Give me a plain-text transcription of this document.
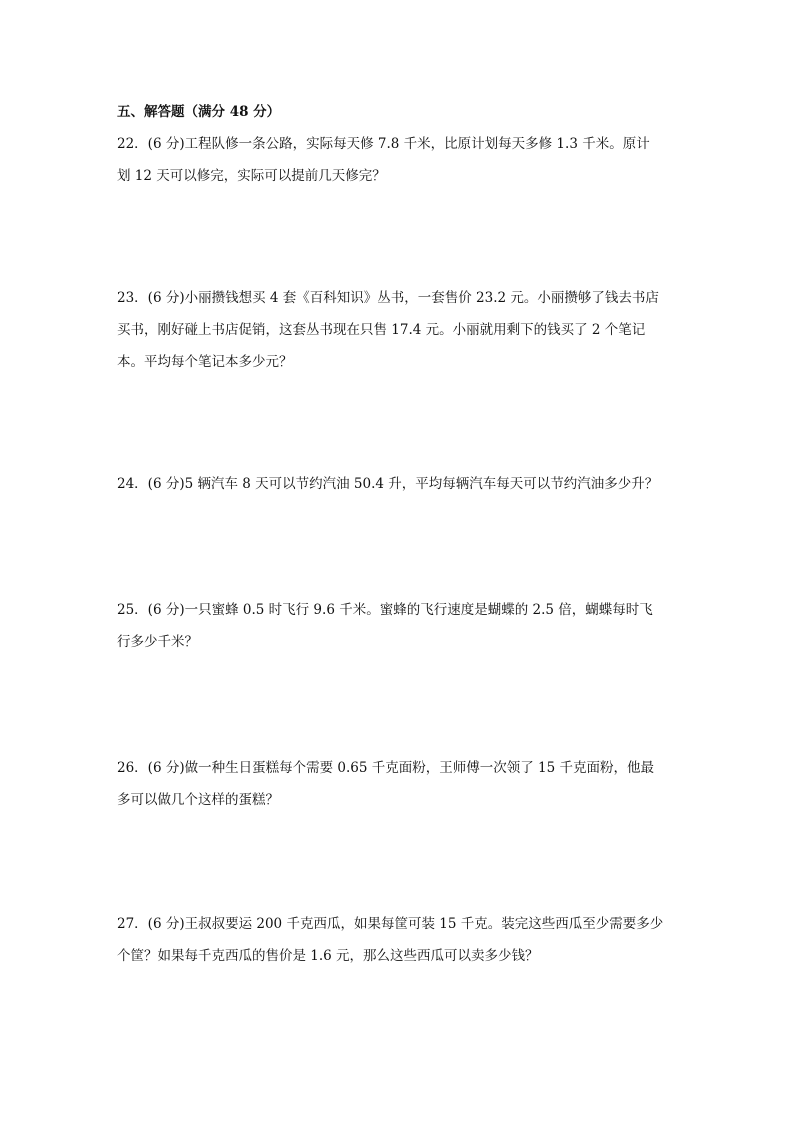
五、解答题（满分 48 分）

22．(6 分)工程队修一条公路，实际每天修 7.8 千米，比原计划每天多修 1.3 千米。原计
划 12 天可以修完，实际可以提前几天修完？

23．(6 分)小丽攒钱想买 4 套《百科知识》丛书，一套售价 23.2 元。小丽攒够了钱去书店
买书，刚好碰上书店促销，这套丛书现在只售 17.4 元。小丽就用剩下的钱买了 2 个笔记
本。平均每个笔记本多少元？

24．(6 分)5 辆汽车 8 天可以节约汽油 50.4 升，平均每辆汽车每天可以节约汽油多少升？

25．(6 分)一只蜜蜂 0.5 时飞行 9.6 千米。蜜蜂的飞行速度是蝴蝶的 2.5 倍，蝴蝶每时飞
行多少千米？

26．(6 分)做一种生日蛋糕每个需要 0.65 千克面粉，王师傅一次领了 15 千克面粉，他最
多可以做几个这样的蛋糕？

27．(6 分)王叔叔要运 200 千克西瓜，如果每筐可装 15 千克。装完这些西瓜至少需要多少
个筐？如果每千克西瓜的售价是 1.6 元，那么这些西瓜可以卖多少钱？
